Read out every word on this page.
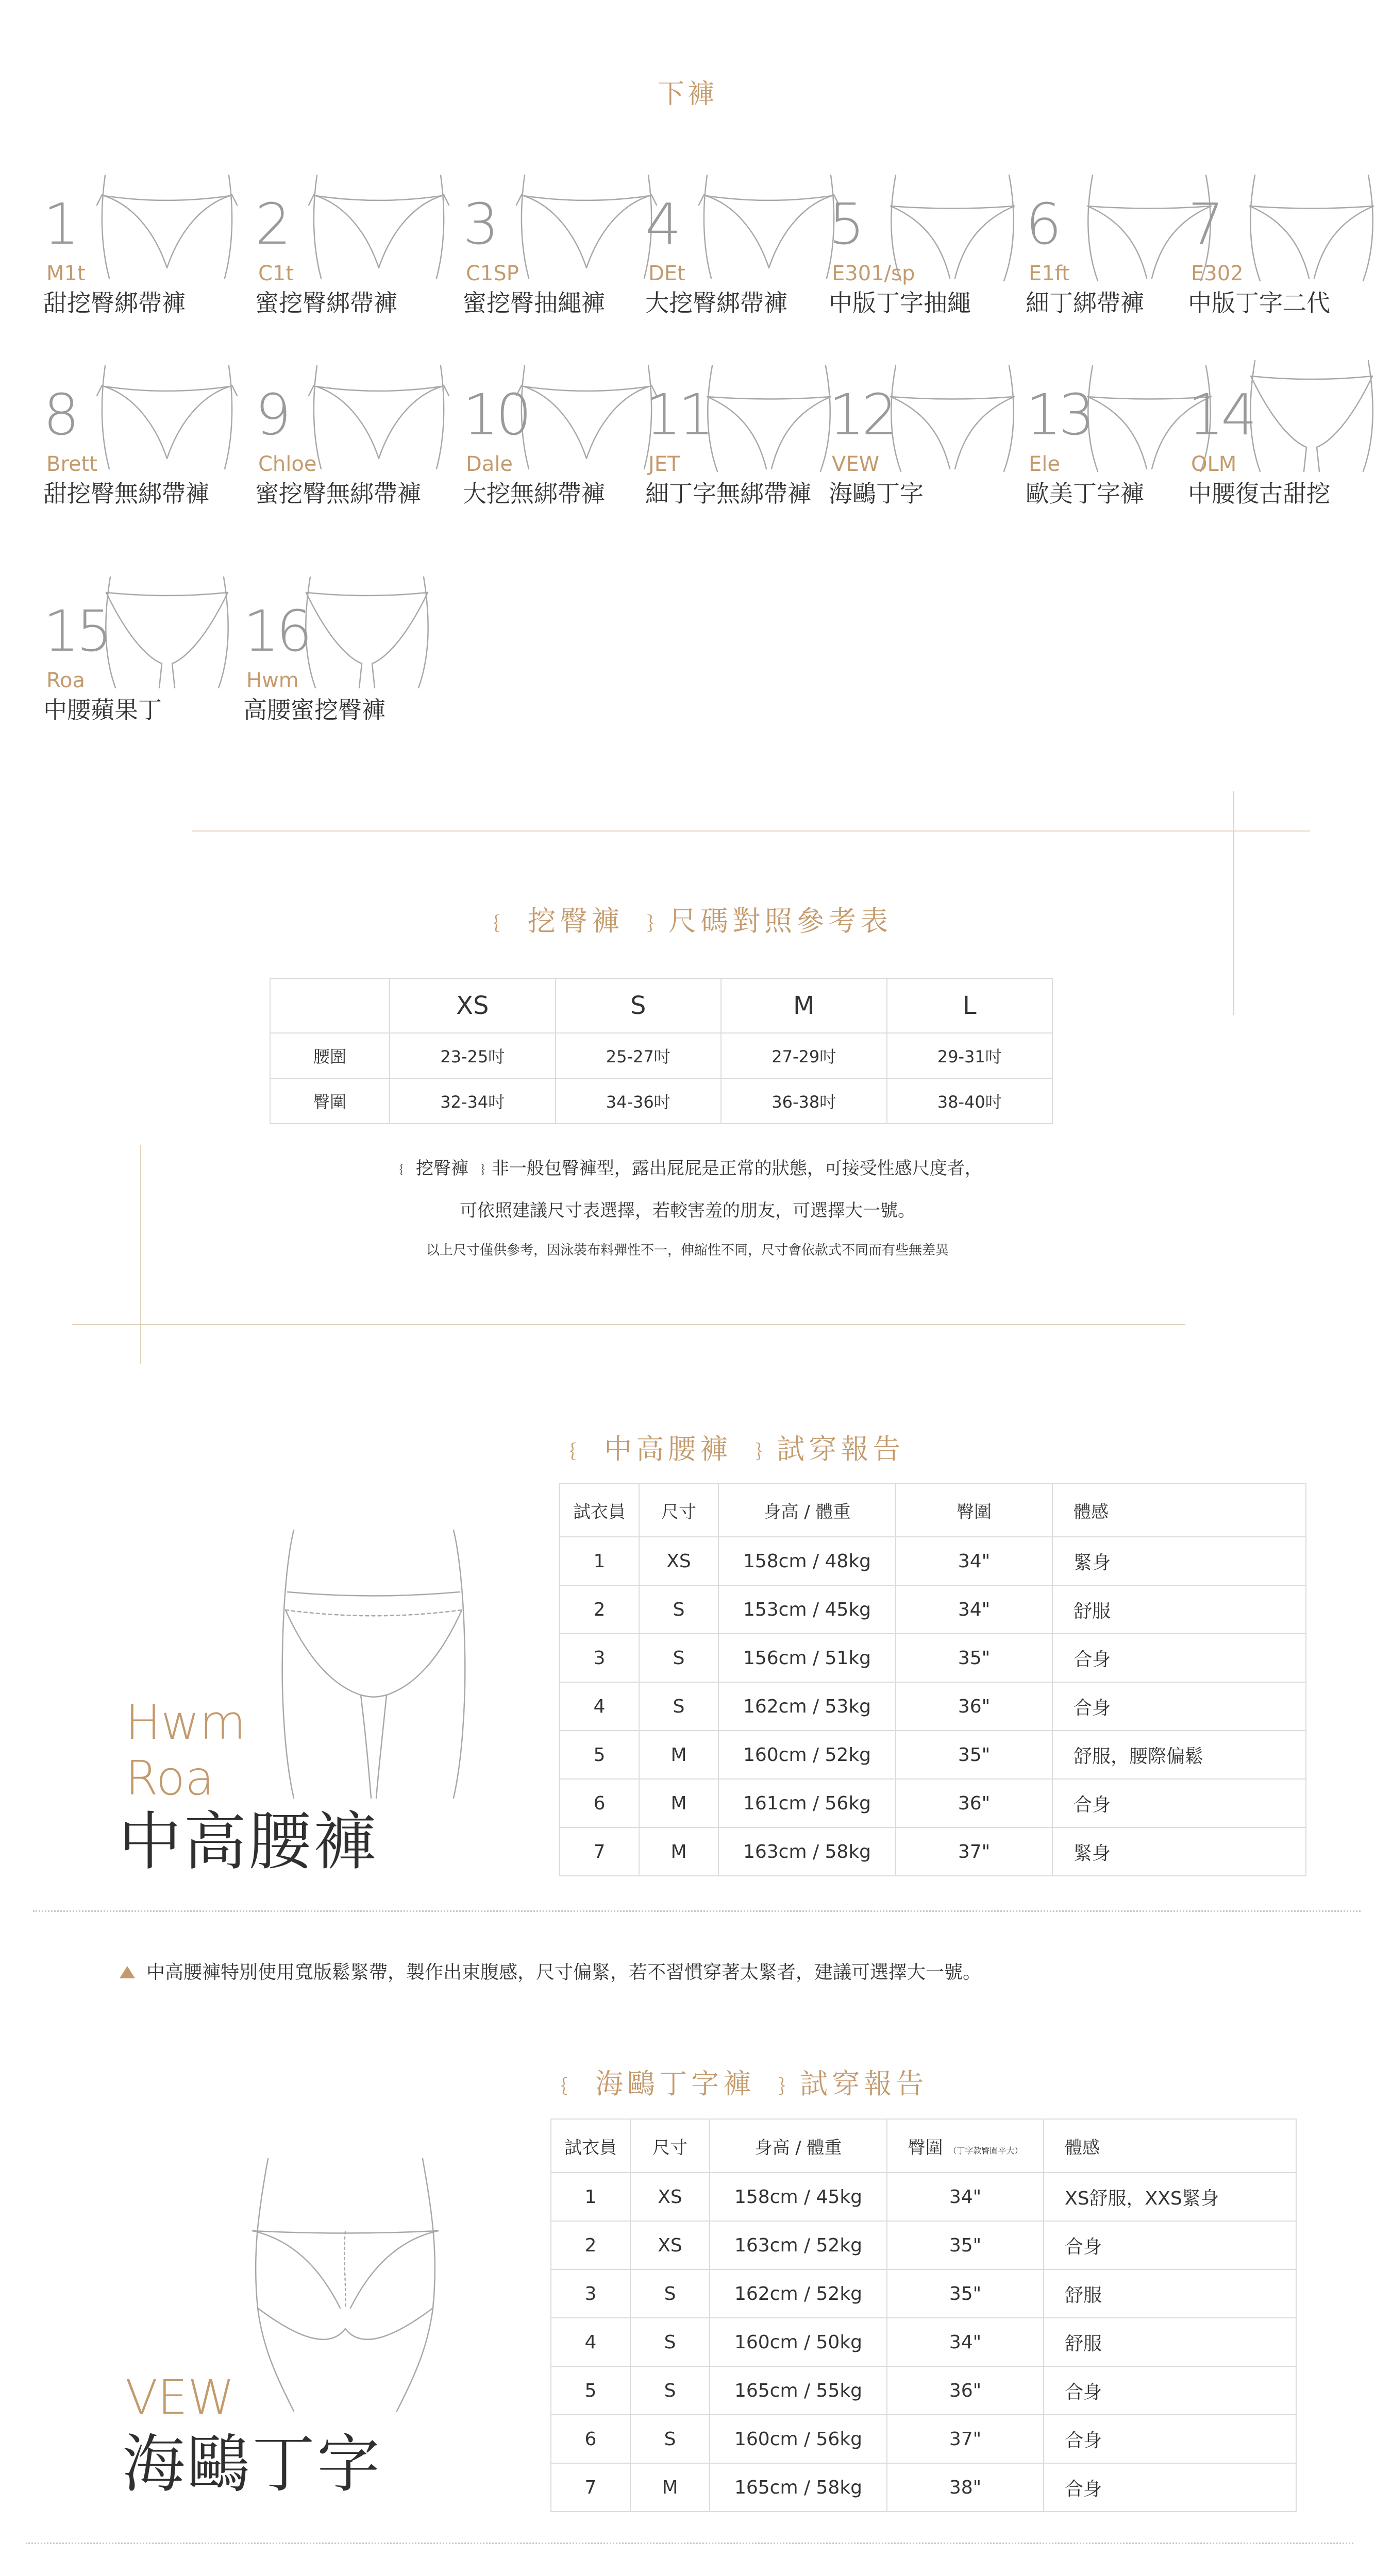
下褲
1
M1t
甜挖臀綁帶褲
2
C1t
蜜挖臀綁帶褲
3
C1SP
蜜挖臀抽繩褲
4
DEt
大挖臀綁帶褲
5
E301/sp
中版丁字抽繩
6
E1ft
細丁綁帶褲
7
E302
中版丁字二代
8
Brett
甜挖臀無綁帶褲
9
Chloe
蜜挖臀無綁帶褲
10
Dale
大挖無綁帶褲
11
JET
細丁字無綁帶褲
12
VEW
海鷗丁字
13
Ele
歐美丁字褲
14
OLM
中腰復古甜挖
15
Roa
中腰蘋果丁
16
Hwm
高腰蜜挖臀褲
﹛ 挖臀褲 ﹜尺碼對照參考表
	XS	S	M	L
腰圍	23-25吋	25-27吋	27-29吋	29-31吋
臀圍	32-34吋	34-36吋	36-38吋	38-40吋
﹛ 挖臀褲 ﹜非一般包臀褲型，露出屁屁是正常的狀態，可接受性感尺度者，
可依照建議尺寸表選擇，若較害羞的朋友，可選擇大一號。
以上尺寸僅供參考，因泳裝布料彈性不一，伸縮性不同，尺寸會依款式不同而有些無差異
﹛ 中高腰褲 ﹜試穿報告
Hwm
Roa
中高腰褲
試衣員	尺寸	身高 / 體重	臀圍	體感
1	XS	158cm / 48kg	34"	緊身
2	S	153cm / 45kg	34"	舒服
3	S	156cm / 51kg	35"	合身
4	S	162cm / 53kg	36"	合身
5	M	160cm / 52kg	35"	舒服，腰際偏鬆
6	M	161cm / 56kg	36"	合身
7	M	163cm / 58kg	37"	緊身
中高腰褲特別使用寬版鬆緊帶，製作出束腹感，尺寸偏緊，若不習慣穿著太緊者，建議可選擇大一號。
﹛ 海鷗丁字褲 ﹜試穿報告
VEW
海鷗丁字
試衣員	尺寸	身高 / 體重	臀圍 （丁字款臀圍平大）	體感
1	XS	158cm / 45kg	34"	XS舒服，XXS緊身
2	XS	163cm / 52kg	35"	合身
3	S	162cm / 52kg	35"	舒服
4	S	160cm / 50kg	34"	舒服
5	S	165cm / 55kg	36"	合身
6	S	160cm / 56kg	37"	合身
7	M	165cm / 58kg	38"	合身
